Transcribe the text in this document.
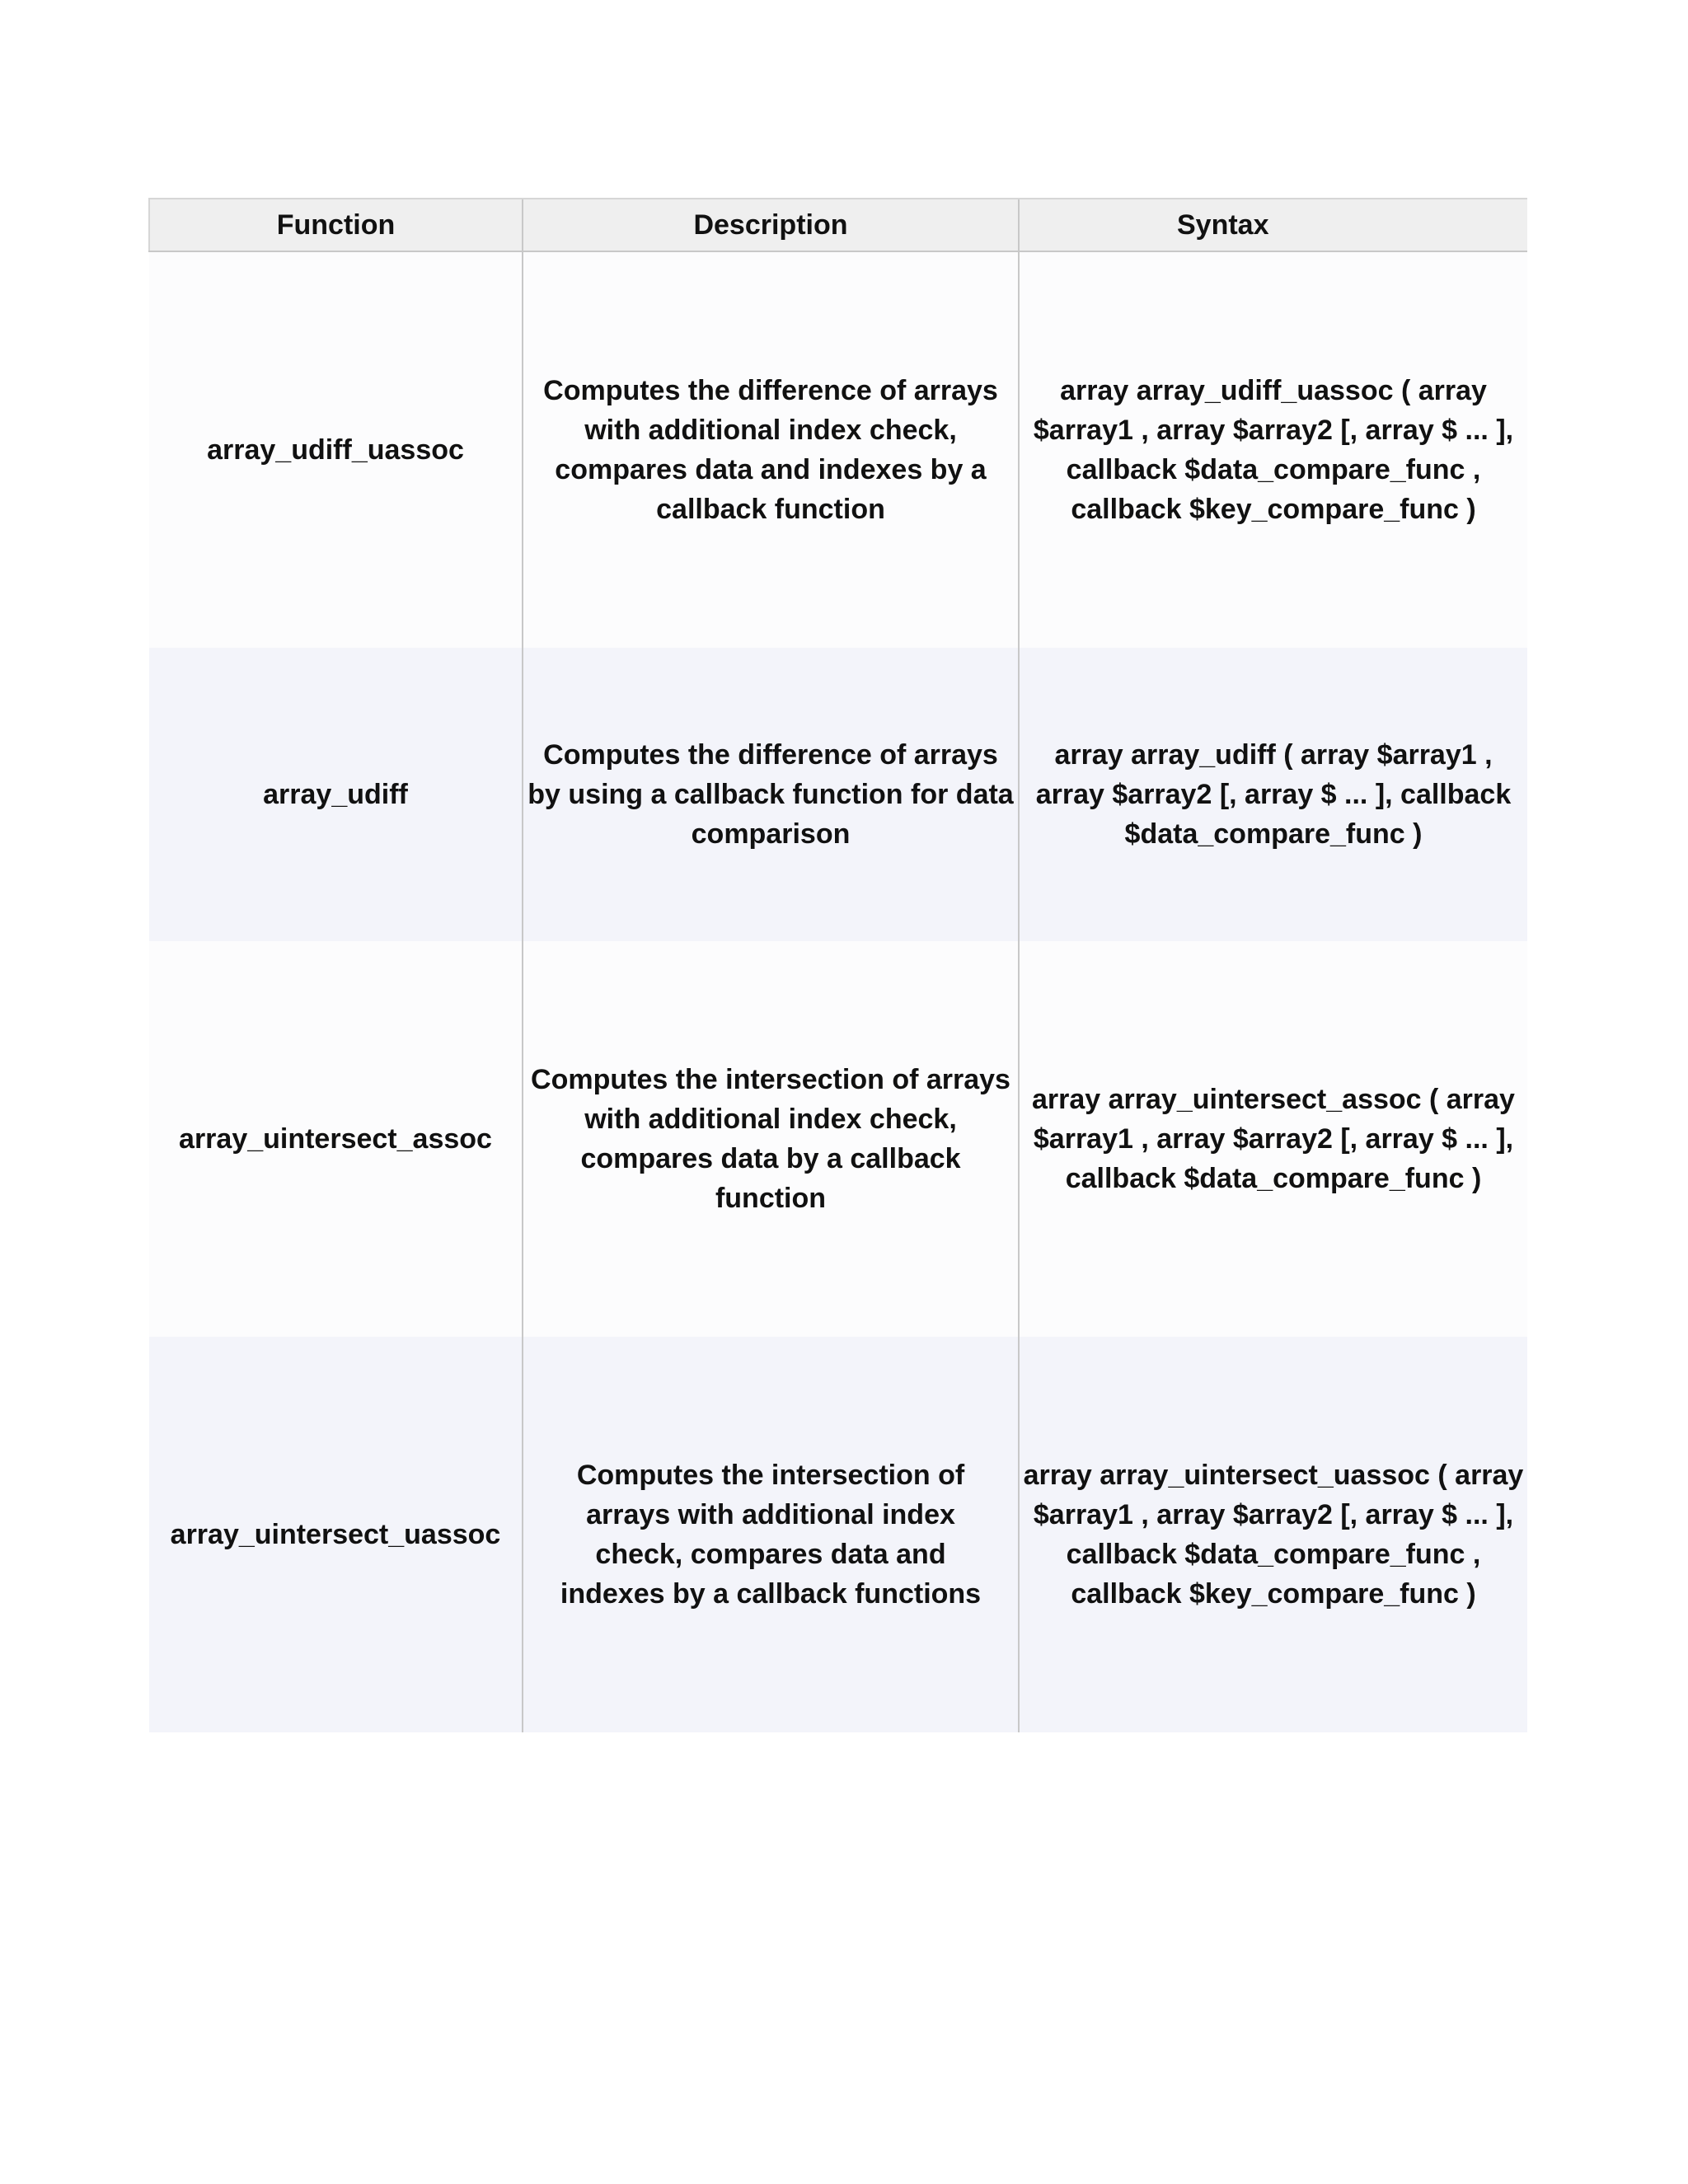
Function	Description	Syntax

array_udiff_uassoc	Computes the difference of arrays with additional index check, compares data and indexes by a callback function	array array_udiff_uassoc ( array $array1 , array $array2 [, array $ ... ], callback $data_compare_func , callback $key_compare_func )

array_udiff	Computes the difference of arrays by using a callback function for data comparison	array array_udiff ( array $array1 , array $array2 [, array $ ... ], callback $data_compare_func )

array_uintersect_assoc	Computes the intersection of arrays with additional index check, compares data by a callback function	array array_uintersect_assoc ( array $array1 , array $array2 [, array $ ... ], callback $data_compare_func )

array_uintersect_uassoc	Computes the intersection of arrays with additional index check, compares data and indexes by a callback functions	array array_uintersect_uassoc ( array $array1 , array $array2 [, array $ ... ], callback $data_compare_func , callback $key_compare_func )
